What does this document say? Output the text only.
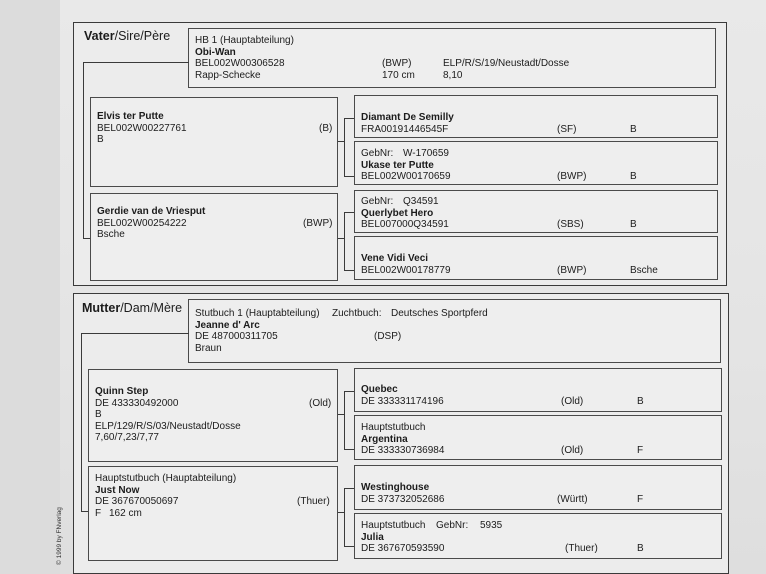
Vater/Sire/Père HB 1 (Hauptabteilung)
Obi-Wan
BEL002W00306528	(BWP)	ELP/R/S/19/Neustadt/Dosse
Rapp-Schecke	170 cm	8,10
Elvis ter Putte
BEL002W00227761	(B)
B
Gerdie van de Vriesput
BEL002W00254222	(BWP)
Bsche
Diamant De Semilly
FRA00191446545F	(SF)	B
GebNr: W-170659
Ukase ter Putte
BEL002W00170659	(BWP)	B
GebNr: Q34591
Querlybet Hero
BEL007000Q34591	(SBS)	B
Vene Vidi Veci
BEL002W00178779	(BWP)	Bsche
Mutter/Dam/Mère Stutbuch 1 (Hauptabteilung) Zuchtbuch: Deutsches Sportpferd
Jeanne d' Arc
DE 487000311705	(DSP)
Braun
Quinn Step
DE 433330492000	(Old)
B
ELP/129/R/S/03/Neustadt/Dosse
7,60/7,23/7,77
Hauptstutbuch (Hauptabteilung)
Just Now
DE 367670050697	(Thuer)
F 162 cm
Quebec
DE 333331174196	(Old)	B
Hauptstutbuch
Argentina
DE 333330736984	(Old)	F
Westinghouse
DE 373732052686	(Württ)	F
Hauptstutbuch GebNr: 5935
Julia
DE 367670593590	(Thuer)	B
© 1999 by FNverlag
